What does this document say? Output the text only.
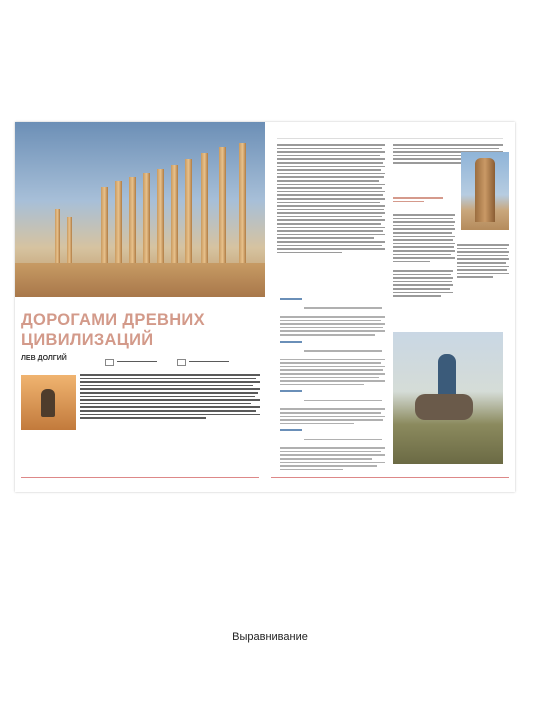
ДОРОГАМИ ДРЕВНИХ ЦИВИЛИЗАЦИЙ
ЛЕВ ДОЛГИЙ

Выравнивание
